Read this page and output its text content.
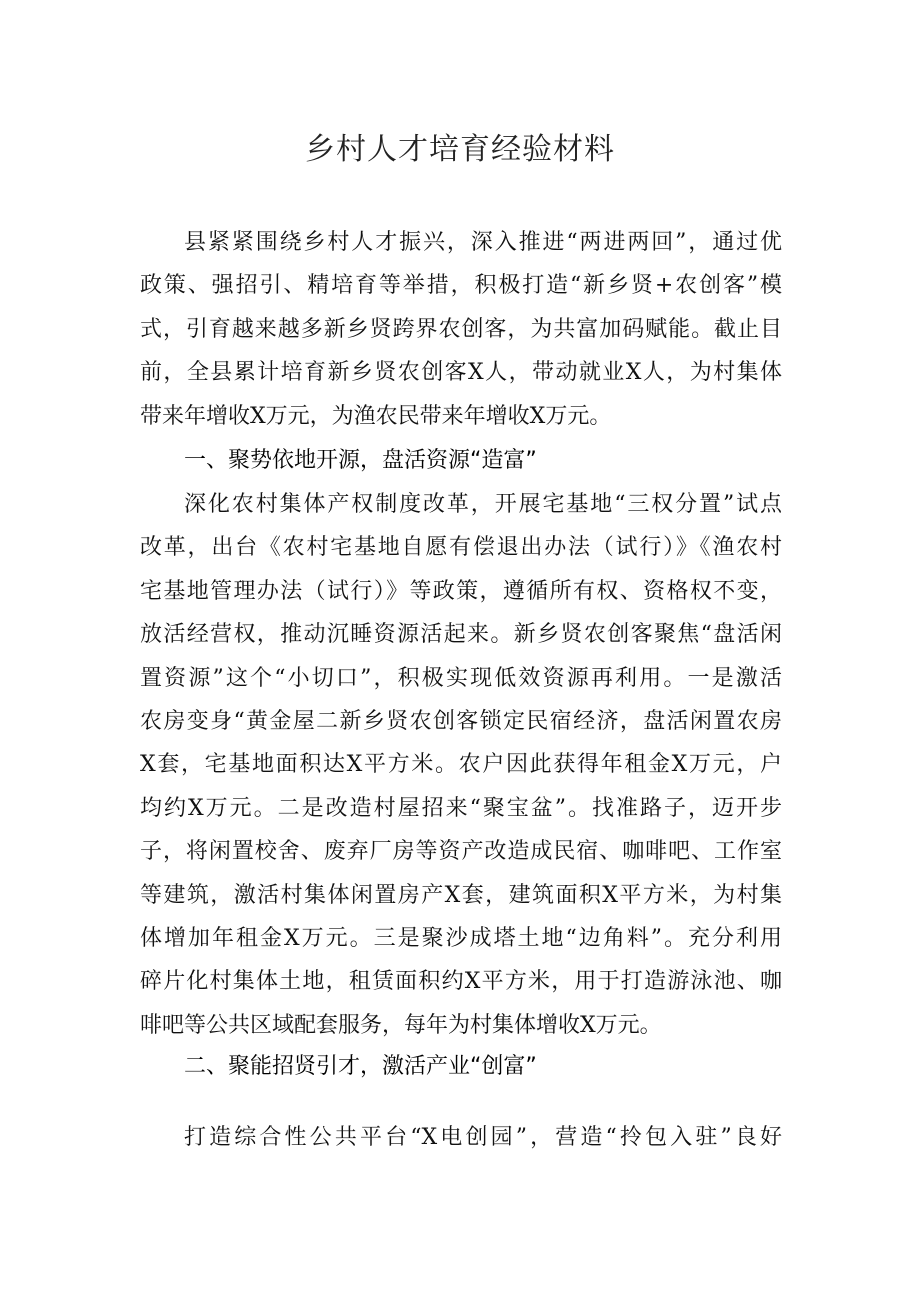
乡村人才培育经验材料
县紧紧围绕乡村人才振兴，深入推进“两进两回”，通过优
政策、强招引、精培育等举措，积极打造“新乡贤+农创客”模
式，引育越来越多新乡贤跨界农创客，为共富加码赋能。截止目
前，全县累计培育新乡贤农创客X人，带动就业X人，为村集体
带来年增收X万元，为渔农民带来年增收X万元。
一、聚势依地开源，盘活资源“造富”
深化农村集体产权制度改革，开展宅基地“三权分置”试点
改革，出台《农村宅基地自愿有偿退出办法（试行）》《渔农村
宅基地管理办法（试行）》等政策，遵循所有权、资格权不变，
放活经营权，推动沉睡资源活起来。新乡贤农创客聚焦“盘活闲
置资源”这个“小切口”，积极实现低效资源再利用。一是激活
农房变身“黄金屋二新乡贤农创客锁定民宿经济，盘活闲置农房
X套，宅基地面积达X平方米。农户因此获得年租金X万元，户
均约X万元。二是改造村屋招来“聚宝盆”。找准路子，迈开步
子，将闲置校舍、废弃厂房等资产改造成民宿、咖啡吧、工作室
等建筑，激活村集体闲置房产X套，建筑面积X平方米，为村集
体增加年租金X万元。三是聚沙成塔土地“边角料”。充分利用
碎片化村集体土地，租赁面积约X平方米，用于打造游泳池、咖
啡吧等公共区域配套服务，每年为村集体增收X万元。
二、聚能招贤引才，激活产业“创富”
打造综合性公共平台“X电创园”，营造“拎包入驻”良好
